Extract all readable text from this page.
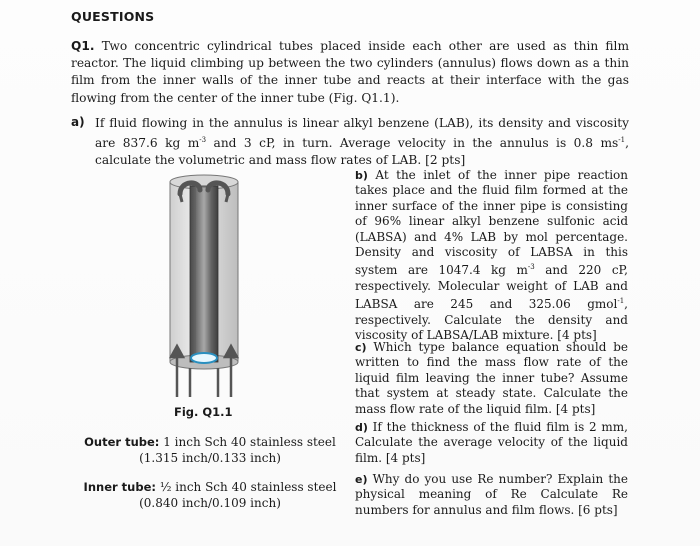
QUESTIONS
Q1. Two concentric cylindrical tubes placed inside each other are used as thin film reactor. The liquid climbing up between the two cylinders (annulus) flows down as a thin film from the inner walls of the inner tube and reacts at their interface with the gas flowing from the center of the inner tube (Fig. Q1.1).
a) If fluid flowing in the annulus is linear alkyl benzene (LAB), its density and viscosity are 837.6 kg $m^{-3}$ and 3 cP, in turn. Average velocity in the annulus is 0.8 $ms^{-1}$, calculate the volumetric and mass flow rates of LAB. [2 pts]
Fig. Q1.1
Outer tube: 1 inch Sch 40 stainless steel
(1.315 inch/0.133 inch)
Inner tube: ½ inch Sch 40 stainless steel
(0.840 inch/0.109 inch)
b) At the inlet of the inner pipe reaction takes place and the fluid film formed at the inner surface of the inner pipe is consisting of 96% linear alkyl benzene sulfonic acid (LABSA) and 4% LAB by mol percentage. Density and viscosity of LABSA in this system are 1047.4 kg $m^{-3}$ and 220 cP, respectively. Molecular weight of LAB and LABSA are 245 and 325.06 gmol$^{-1}$, respectively. Calculate the density and viscosity of LABSA/LAB mixture. [4 pts]
c) Which type balance equation should be written to find the mass flow rate of the liquid film leaving the inner tube? Assume that system at steady state. Calculate the mass flow rate of the liquid film. [4 pts]
d) If the thickness of the fluid film is 2 mm, Calculate the average velocity of the liquid film. [4 pts]
e) Why do you use Re number? Explain the physical meaning of Re Calculate Re numbers for annulus and film flows. [6 pts]
